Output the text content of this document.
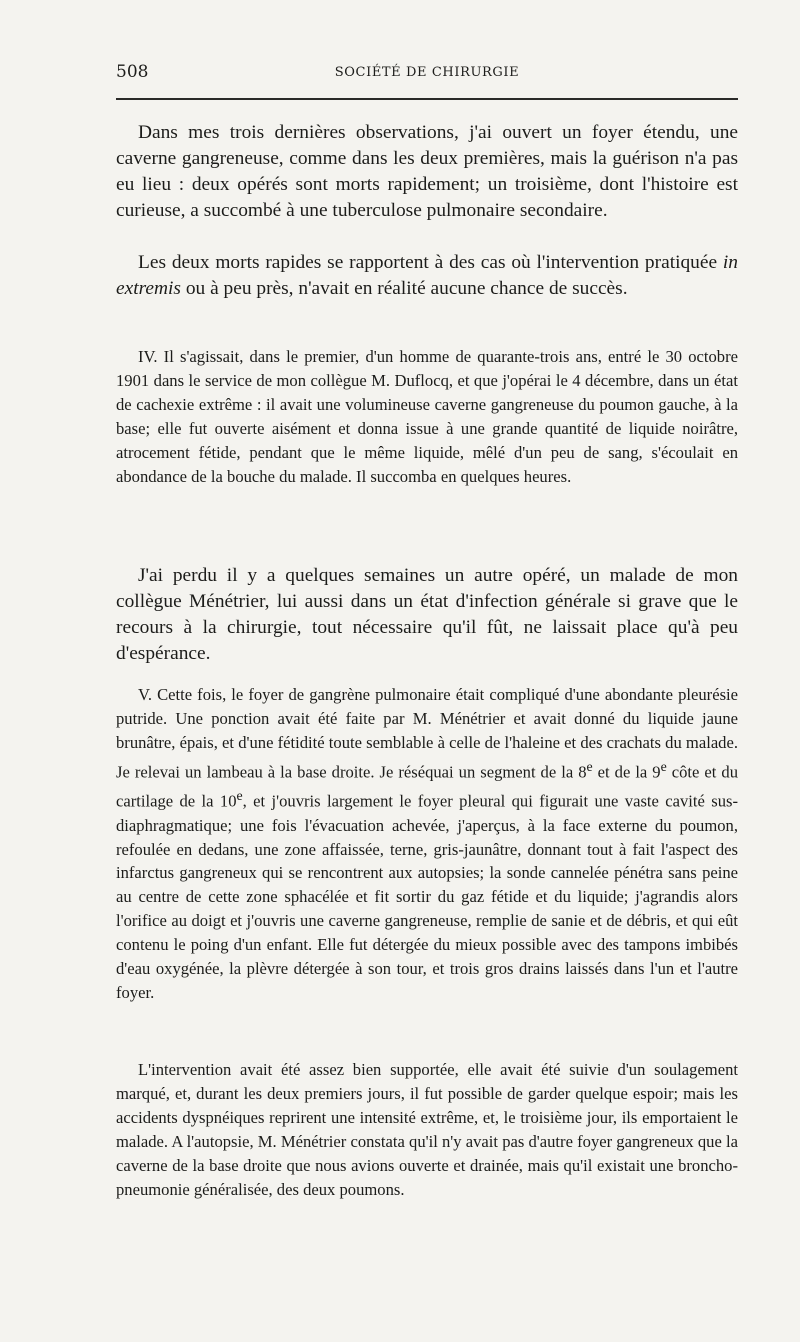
508	SOCIÉTÉ DE CHIRURGIE

Dans mes trois dernières observations, j'ai ouvert un foyer étendu, une caverne gangreneuse, comme dans les deux premières, mais la guérison n'a pas eu lieu : deux opérés sont morts rapidement; un troisième, dont l'histoire est curieuse, a succombé à une tuberculose pulmonaire secondaire.

Les deux morts rapides se rapportent à des cas où l'intervention pratiquée in extremis ou à peu près, n'avait en réalité aucune chance de succès.

IV. Il s'agissait, dans le premier, d'un homme de quarante-trois ans, entré le 30 octobre 1901 dans le service de mon collègue M. Duflocq, et que j'opérai le 4 décembre, dans un état de cachexie extrême : il avait une volumineuse caverne gangreneuse du poumon gauche, à la base; elle fut ouverte aisément et donna issue à une grande quantité de liquide noirâtre, atrocement fétide, pendant que le même liquide, mêlé d'un peu de sang, s'écoulait en abondance de la bouche du malade. Il succomba en quelques heures.

J'ai perdu il y a quelques semaines un autre opéré, un malade de mon collègue Ménétrier, lui aussi dans un état d'infection générale si grave que le recours à la chirurgie, tout nécessaire qu'il fût, ne laissait place qu'à peu d'espérance.

V. Cette fois, le foyer de gangrène pulmonaire était compliqué d'une abondante pleurésie putride. Une ponction avait été faite par M. Ménétrier et avait donné du liquide jaune brunâtre, épais, et d'une fétidité toute semblable à celle de l'haleine et des crachats du malade. Je relevai un lambeau à la base droite. Je réséquai un segment de la 8e et de la 9e côte et du cartilage de la 10e, et j'ouvris largement le foyer pleural qui figurait une vaste cavité sus-diaphragmatique; une fois l'évacuation achevée, j'aperçus, à la face externe du poumon, refoulée en dedans, une zone affaissée, terne, gris-jaunâtre, donnant tout à fait l'aspect des infarctus gangreneux qui se rencontrent aux autopsies; la sonde cannelée pénétra sans peine au centre de cette zone sphacélée et fit sortir du gaz fétide et du liquide; j'agrandis alors l'orifice au doigt et j'ouvris une caverne gangreneuse, remplie de sanie et de débris, et qui eût contenu le poing d'un enfant. Elle fut détergée du mieux possible avec des tampons imbibés d'eau oxygénée, la plèvre détergée à son tour, et trois gros drains laissés dans l'un et l'autre foyer.

L'intervention avait été assez bien supportée, elle avait été suivie d'un soulagement marqué, et, durant les deux premiers jours, il fut possible de garder quelque espoir; mais les accidents dyspnéiques reprirent une intensité extrême, et, le troisième jour, ils emportaient le malade. A l'autopsie, M. Ménétrier constata qu'il n'y avait pas d'autre foyer gangreneux que la caverne de la base droite que nous avions ouverte et drainée, mais qu'il existait une broncho-pneumonie généralisée, des deux poumons.
